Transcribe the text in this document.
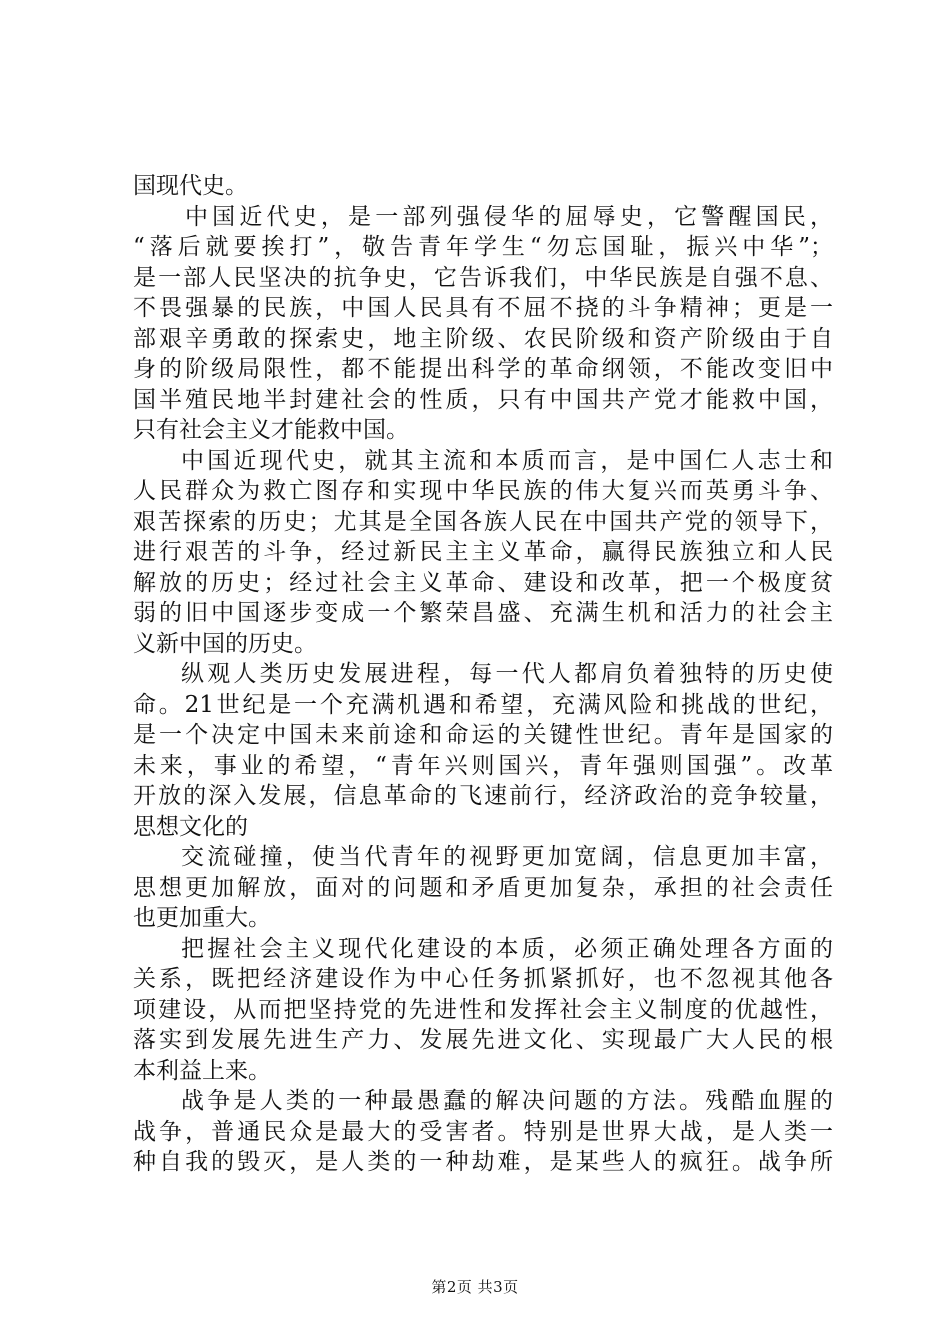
国现代史。
中国近代史，是一部列强侵华的屈辱史，它警醒国民，
“落后就要挨打”，敬告青年学生“勿忘国耻，振兴中华”；
是一部人民坚决的抗争史，它告诉我们，中华民族是自强不息、
不畏强暴的民族，中国人民具有不屈不挠的斗争精神；更是一
部艰辛勇敢的探索史，地主阶级、农民阶级和资产阶级由于自
身的阶级局限性，都不能提出科学的革命纲领，不能改变旧中
国半殖民地半封建社会的性质，只有中国共产党才能救中国，
只有社会主义才能救中国。
中国近现代史，就其主流和本质而言，是中国仁人志士和
人民群众为救亡图存和实现中华民族的伟大复兴而英勇斗争、
艰苦探索的历史；尤其是全国各族人民在中国共产党的领导下，
进行艰苦的斗争，经过新民主主义革命，赢得民族独立和人民
解放的历史；经过社会主义革命、建设和改革，把一个极度贫
弱的旧中国逐步变成一个繁荣昌盛、充满生机和活力的社会主
义新中国的历史。
纵观人类历史发展进程，每一代人都肩负着独特的历史使
命。21世纪是一个充满机遇和希望，充满风险和挑战的世纪，
是一个决定中国未来前途和命运的关键性世纪。青年是国家的
未来，事业的希望，“青年兴则国兴，青年强则国强”。改革
开放的深入发展，信息革命的飞速前行，经济政治的竞争较量，
思想文化的
交流碰撞，使当代青年的视野更加宽阔，信息更加丰富，
思想更加解放，面对的问题和矛盾更加复杂，承担的社会责任
也更加重大。
把握社会主义现代化建设的本质，必须正确处理各方面的
关系，既把经济建设作为中心任务抓紧抓好，也不忽视其他各
项建设，从而把坚持党的先进性和发挥社会主义制度的优越性，
落实到发展先进生产力、发展先进文化、实现最广大人民的根
本利益上来。
战争是人类的一种最愚蠢的解决问题的方法。残酷血腥的
战争，普通民众是最大的受害者。特别是世界大战，是人类一
种自我的毁灭，是人类的一种劫难，是某些人的疯狂。战争所
第2页 共3页
